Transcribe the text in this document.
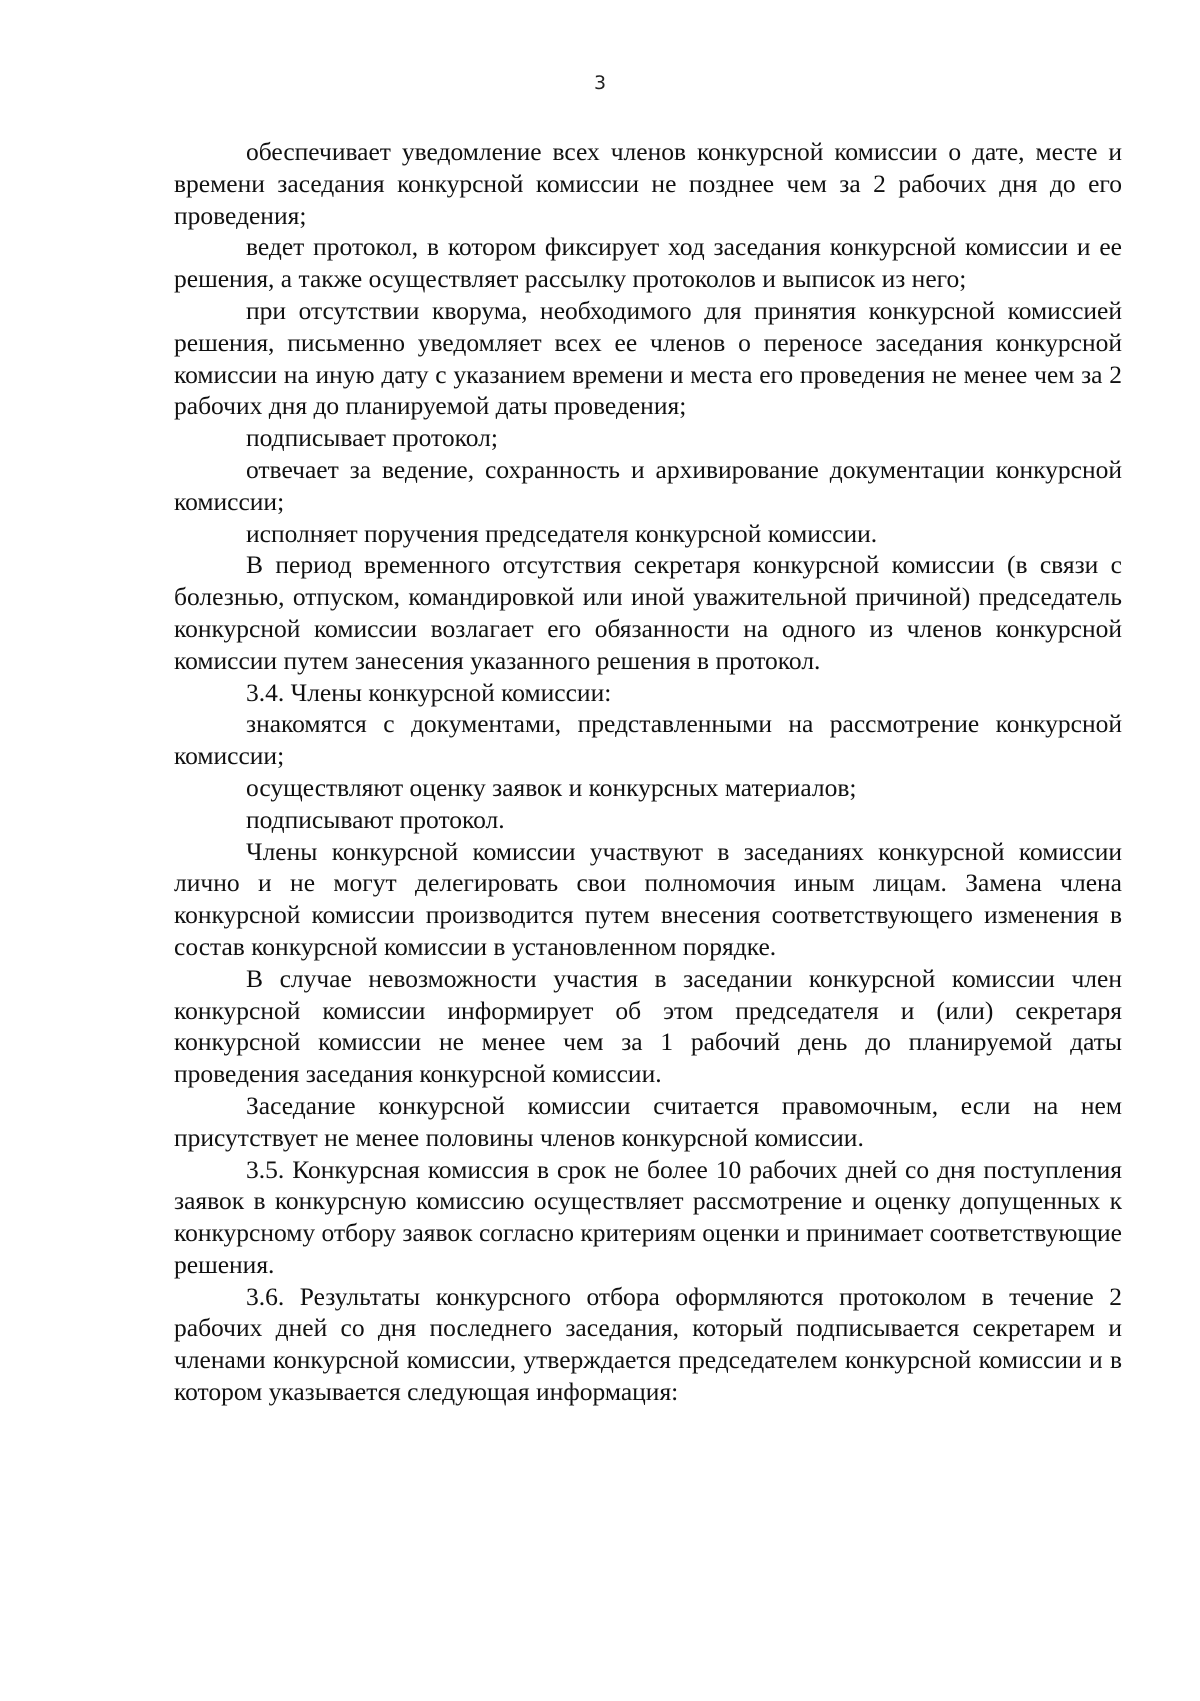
3

обеспечивает уведомление всех членов конкурсной комиссии о дате, месте и времени заседания конкурсной комиссии не позднее чем за 2 рабочих дня до его проведения;

ведет протокол, в котором фиксирует ход заседания конкурсной комиссии и ее решения, а также осуществляет рассылку протоколов и выписок из него;

при отсутствии кворума, необходимого для принятия конкурсной комиссией решения, письменно уведомляет всех ее членов о переносе заседания конкурсной комиссии на иную дату с указанием времени и места его проведения не менее чем за 2 рабочих дня до планируемой даты проведения;

подписывает протокол;

отвечает за ведение, сохранность и архивирование документации конкурсной комиссии;

исполняет поручения председателя конкурсной комиссии.

В период временного отсутствия секретаря конкурсной комиссии (в связи с болезнью, отпуском, командировкой или иной уважительной причиной) председатель конкурсной комиссии возлагает его обязанности на одного из членов конкурсной комиссии путем занесения указанного решения в протокол.

3.4. Члены конкурсной комиссии:

знакомятся с документами, представленными на рассмотрение конкурсной комиссии;

осуществляют оценку заявок и конкурсных материалов;

подписывают протокол.

Члены конкурсной комиссии участвуют в заседаниях конкурсной комиссии лично и не могут делегировать свои полномочия иным лицам. Замена члена конкурсной комиссии производится путем внесения соответствующего изменения в состав конкурсной комиссии в установленном порядке.

В случае невозможности участия в заседании конкурсной комиссии член конкурсной комиссии информирует об этом председателя и (или) секретаря конкурсной комиссии не менее чем за 1 рабочий день до планируемой даты проведения заседания конкурсной комиссии.

Заседание конкурсной комиссии считается правомочным, если на нем присутствует не менее половины членов конкурсной комиссии.

3.5. Конкурсная комиссия в срок не более 10 рабочих дней со дня поступления заявок в конкурсную комиссию осуществляет рассмотрение и оценку допущенных к конкурсному отбору заявок согласно критериям оценки и принимает соответствующие решения.

3.6. Результаты конкурсного отбора оформляются протоколом в течение 2 рабочих дней со дня последнего заседания, который подписывается секретарем и членами конкурсной комиссии, утверждается председателем конкурсной комиссии и в котором указывается следующая информация:
